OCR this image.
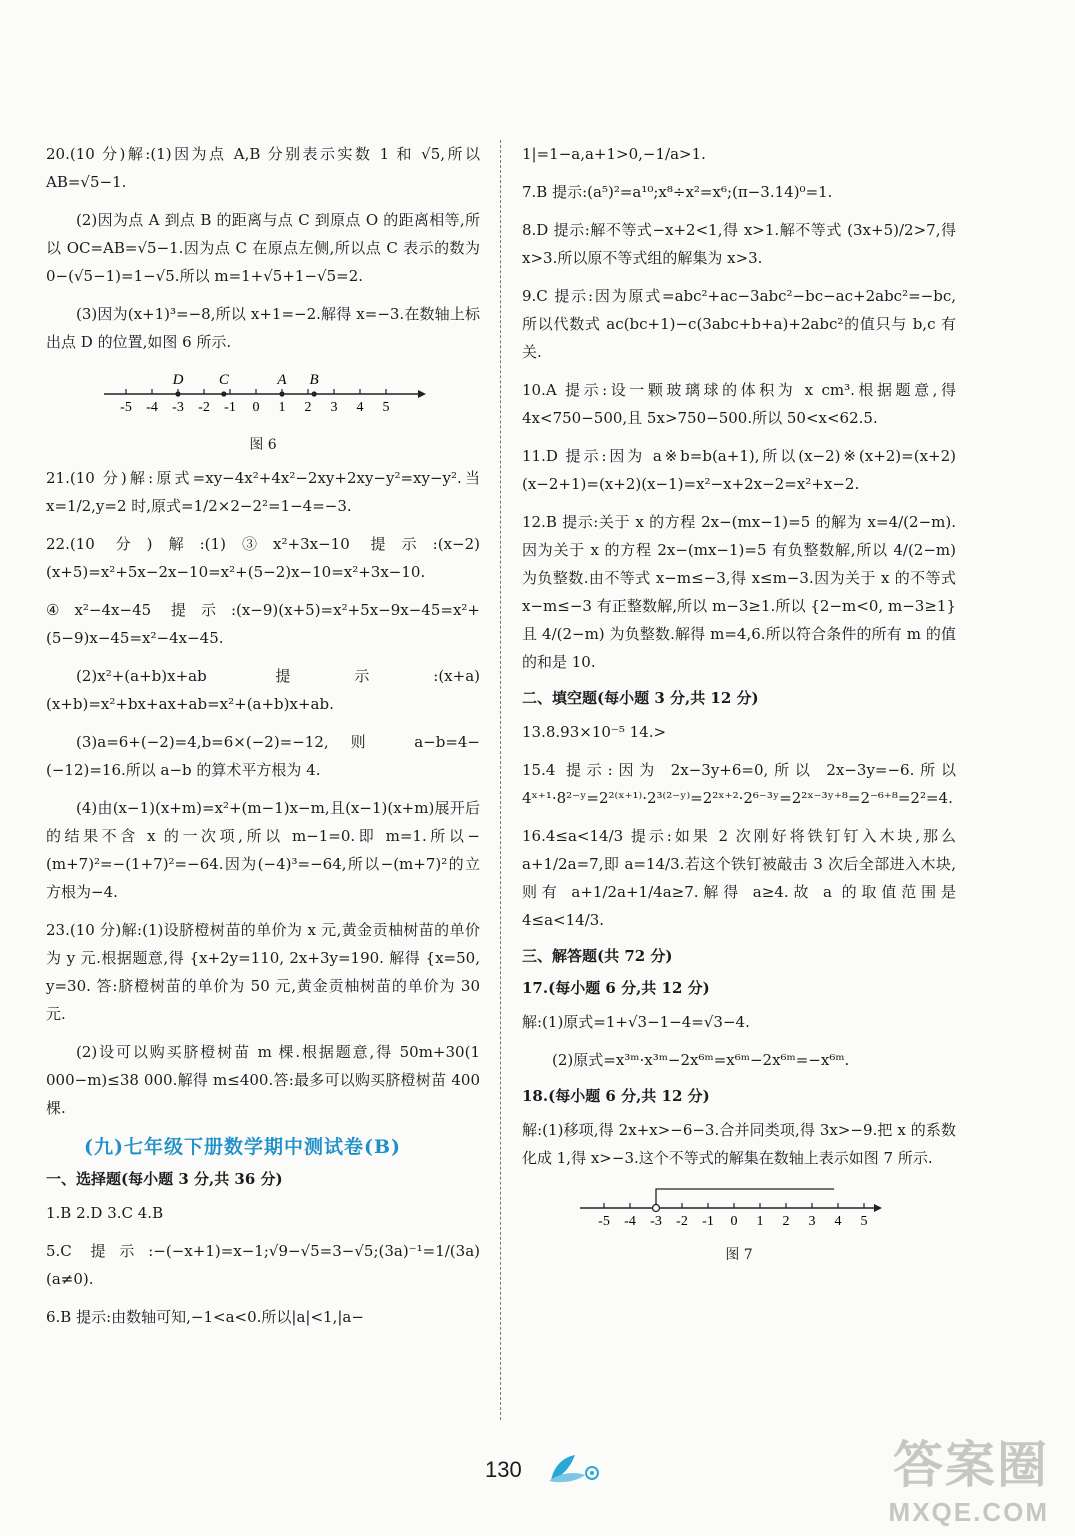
20.(10 分)解:(1)因为点 A,B 分别表示实数 1 和 √5,所以 AB=√5−1.

(2)因为点 A 到点 B 的距离与点 C 到原点 O 的距离相等,所以 OC=AB=√5−1.因为点 C 在原点左侧,所以点 C 表示的数为 0−(√5−1)=1−√5.所以 m=1+√5+1−√5=2.

(3)因为(x+1)³=−8,所以 x+1=−2.解得 x=−3.在数轴上标出点 D 的位置,如图 6 所示.

-5 -4 -3 -2 -1 0 1 2 3 4 5
D C	A B
图 6

21.(10 分)解:原式=xy−4x²+4x²−2xy+2xy−y²=xy−y².当 x=1/2,y=2 时,原式=1/2×2−2²=1−4=−3.

22.(10 分)解:(1)③x²+3x−10 提示:(x−2)(x+5)=x²+5x−2x−10=x²+(5−2)x−10=x²+3x−10.

④x²−4x−45 提示:(x−9)(x+5)=x²+5x−9x−45=x²+(5−9)x−45=x²−4x−45.

(2)x²+(a+b)x+ab 提示:(x+a)(x+b)=x²+bx+ax+ab=x²+(a+b)x+ab.

(3)a=6+(−2)=4,b=6×(−2)=−12,则 a−b=4−(−12)=16.所以 a−b 的算术平方根为 4.

(4)由(x−1)(x+m)=x²+(m−1)x−m,且(x−1)(x+m)展开后的结果不含 x 的一次项,所以 m−1=0.即 m=1.所以−(m+7)²=−(1+7)²=−64.因为(−4)³=−64,所以−(m+7)²的立方根为−4.

23.(10 分)解:(1)设脐橙树苗的单价为 x 元,黄金贡柚树苗的单价为 y 元.根据题意,得 {x+2y=110, 2x+3y=190. 解得 {x=50, y=30. 答:脐橙树苗的单价为 50 元,黄金贡柚树苗的单价为 30 元.

(2)设可以购买脐橙树苗 m 棵.根据题意,得 50m+30(1 000−m)≤38 000.解得 m≤400.答:最多可以购买脐橙树苗 400 棵.

(九)七年级下册数学期中测试卷(B)
一、选择题(每小题 3 分,共 36 分)

1.B 2.D 3.C 4.B

5.C 提示:−(−x+1)=x−1;√9−√5=3−√5;(3a)⁻¹=1/(3a)(a≠0).

6.B 提示:由数轴可知,−1<a<0.所以|a|<1,|a−

1|=1−a,a+1>0,−1/a>1.

7.B 提示:(a⁵)²=a¹⁰;x⁸÷x²=x⁶;(π−3.14)⁰=1.

8.D 提示:解不等式−x+2<1,得 x>1.解不等式 (3x+5)/2>7,得 x>3.所以原不等式组的解集为 x>3.

9.C 提示:因为原式=abc²+ac−3abc²−bc−ac+2abc²=−bc,所以代数式 ac(bc+1)−c(3abc+b+a)+2abc²的值只与 b,c 有关.

10.A 提示:设一颗玻璃球的体积为 x cm³.根据题意,得 4x<750−500,且 5x>750−500.所以 50<x<62.5.

11.D 提示:因为 a※b=b(a+1),所以(x−2)※(x+2)=(x+2)(x−2+1)=(x+2)(x−1)=x²−x+2x−2=x²+x−2.

12.B 提示:关于 x 的方程 2x−(mx−1)=5 的解为 x=4/(2−m).因为关于 x 的方程 2x−(mx−1)=5 有负整数解,所以 4/(2−m) 为负整数.由不等式 x−m≤−3,得 x≤m−3.因为关于 x 的不等式 x−m≤−3 有正整数解,所以 m−3≥1.所以 {2−m<0, m−3≥1} 且 4/(2−m) 为负整数.解得 m=4,6.所以符合条件的所有 m 的值的和是 10.

二、填空题(每小题 3 分,共 12 分)

13.8.93×10⁻⁵ 14.>

15.4 提示:因为 2x−3y+6=0,所以 2x−3y=−6.所以 4ˣ⁺¹·8²⁻ʸ=2²⁽ˣ⁺¹⁾·2³⁽²⁻ʸ⁾=2²ˣ⁺²·2⁶⁻³ʸ=2²ˣ⁻³ʸ⁺⁸=2⁻⁶⁺⁸=2²=4.

16.4≤a<14/3 提示:如果 2 次刚好将铁钉钉入木块,那么 a+1/2a=7,即 a=14/3.若这个铁钉被敲击 3 次后全部进入木块,则有 a+1/2a+1/4a≥7.解得 a≥4.故 a 的取值范围是 4≤a<14/3.

三、解答题(共 72 分)
17.(每小题 6 分,共 12 分)

解:(1)原式=1+√3−1−4=√3−4.

(2)原式=x³ᵐ·x³ᵐ−2x⁶ᵐ=x⁶ᵐ−2x⁶ᵐ=−x⁶ᵐ.

18.(每小题 6 分,共 12 分)

解:(1)移项,得 2x+x>−6−3.合并同类项,得 3x>−9.把 x 的系数化成 1,得 x>−3.这个不等式的解集在数轴上表示如图 7 所示.

-5 -4 -3 -2 -1 0 1 2 3 4 5
图 7
130	答案圈
MXQE.COM
